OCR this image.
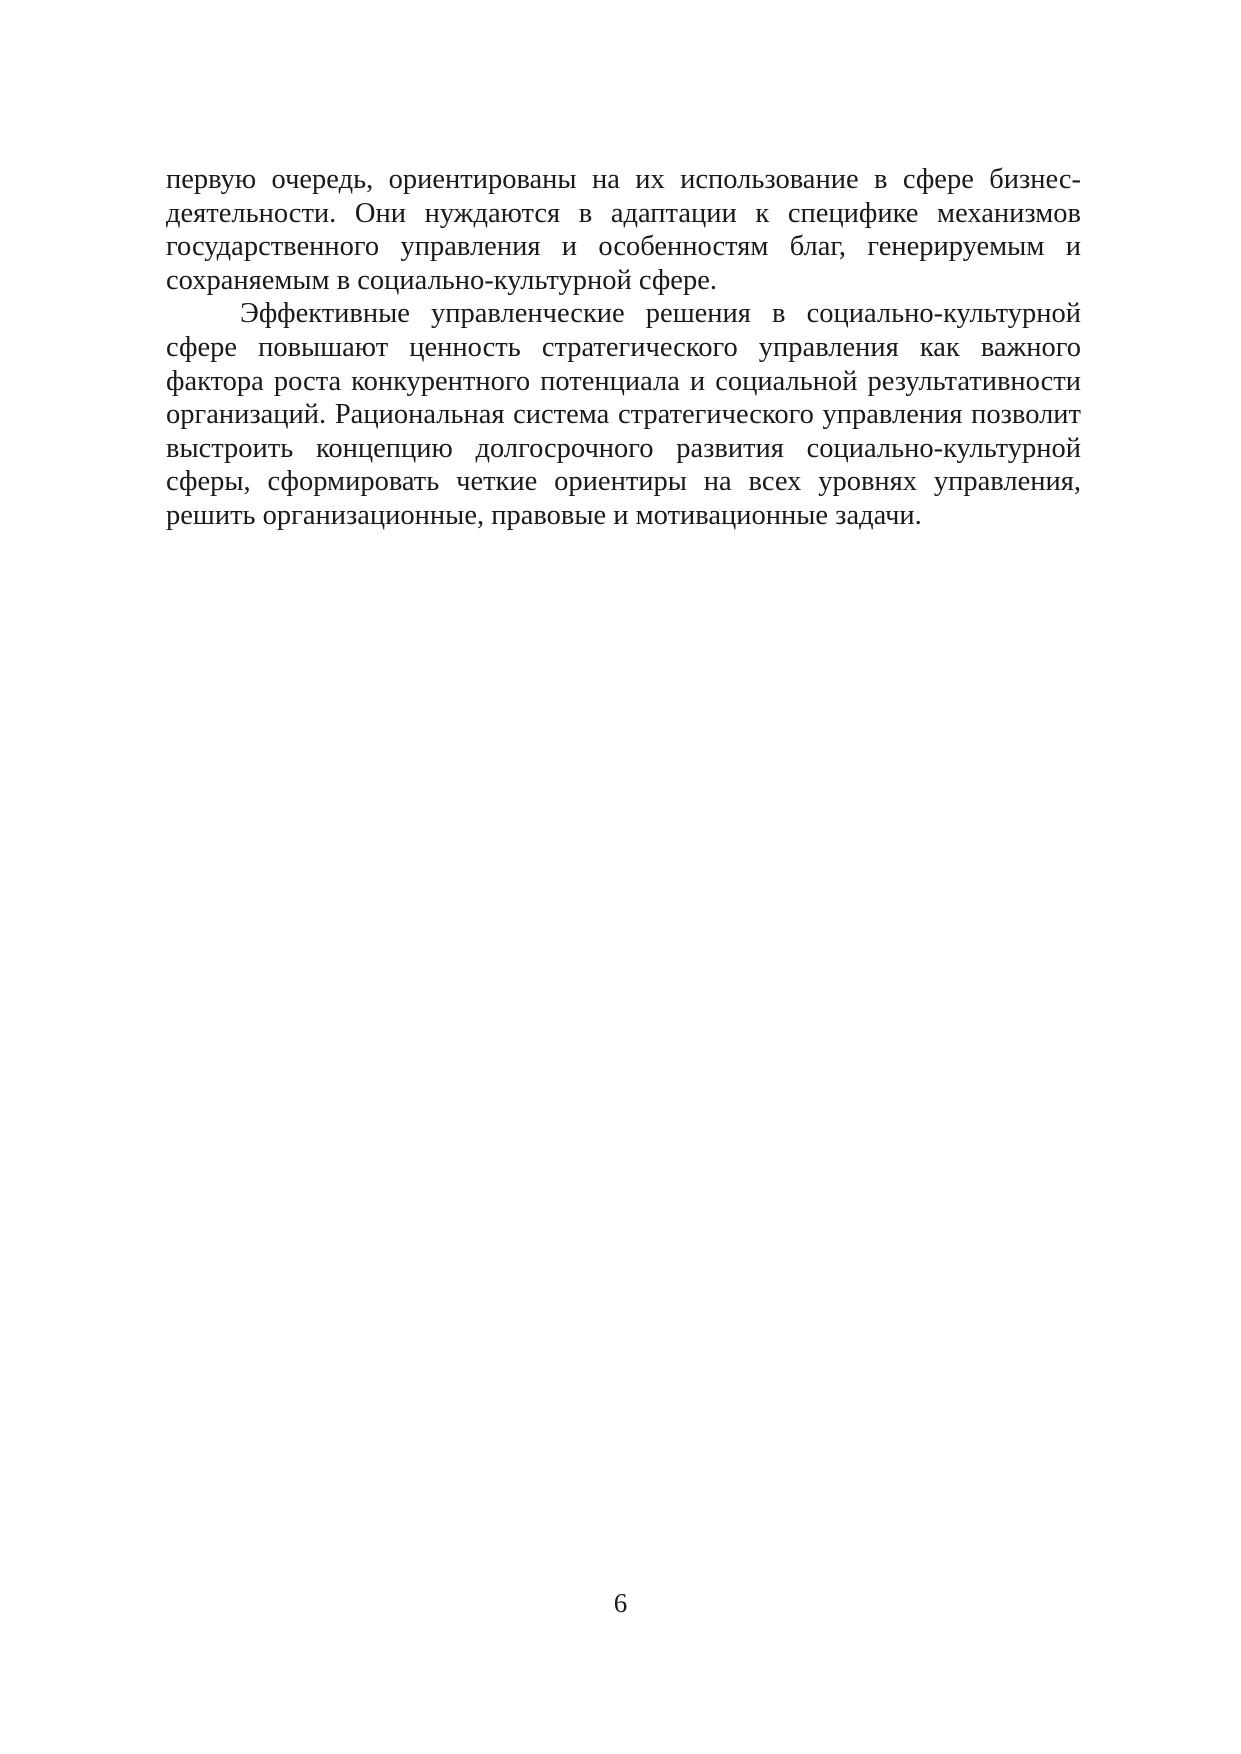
первую очередь, ориентированы на их использование в сфере бизнес-деятельности. Они нуждаются в адаптации к специфике механизмов государственного управления и особенностям благ, генерируемым и сохраняемым в социально-культурной сфере.

Эффективные управленческие решения в социально-культурной сфере повышают ценность стратегического управления как важного фактора роста конкурентного потенциала и социальной результативности организаций. Рациональная система стратегического управления позволит выстроить концепцию долгосрочного развития социально-культурной сферы, сформировать четкие ориентиры на всех уровнях управления, решить организационные, правовые и мотивационные задачи.

6
